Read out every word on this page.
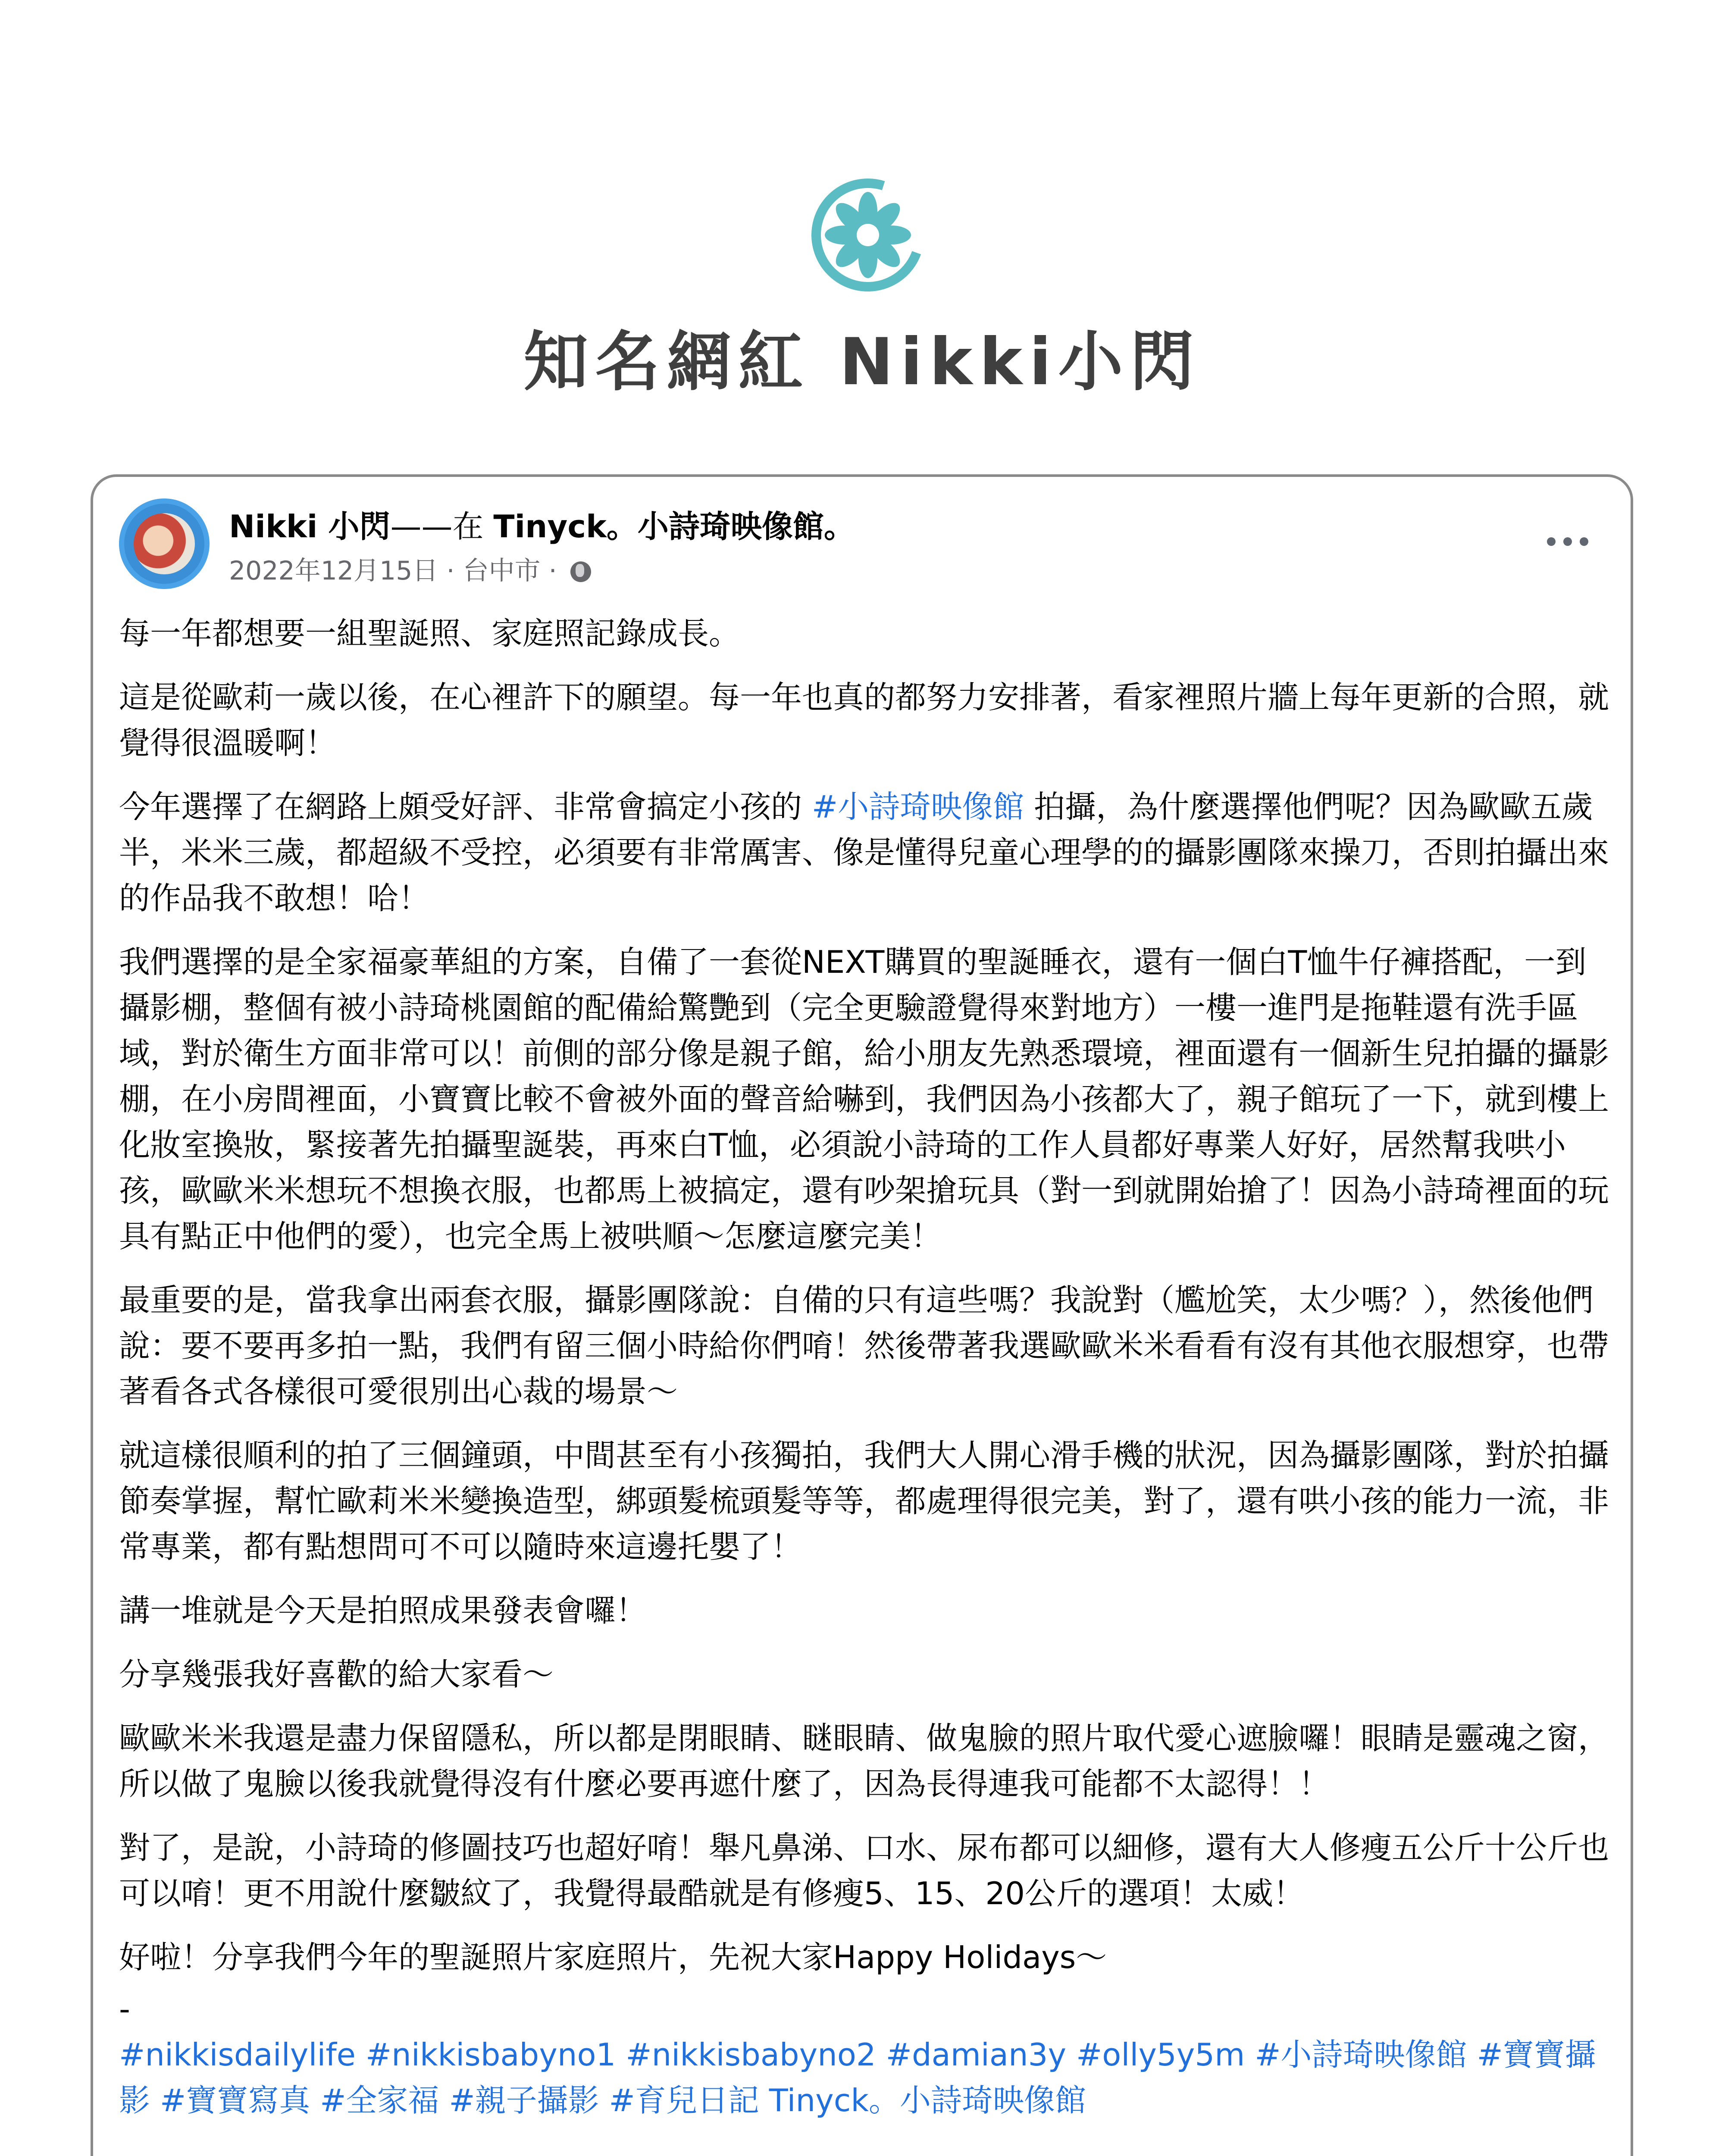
知名網紅 Nikki小閃
Nikki 小閃——在 Tinyck。小詩琦映像館。
2022年12月15日 · 台中市 ·

每一年都想要一組聖誕照、家庭照記錄成長。

這是從歐莉一歲以後，在心裡許下的願望。每一年也真的都努力安排著，看家裡照片牆上每年更新的合照，就覺得很溫暖啊！

今年選擇了在網路上頗受好評、非常會搞定小孩的 #小詩琦映像館 拍攝，為什麼選擇他們呢？因為歐歐五歲半，米米三歲，都超級不受控，必須要有非常厲害、像是懂得兒童心理學的的攝影團隊來操刀，否則拍攝出來的作品我不敢想！哈！

我們選擇的是全家福豪華組的方案，自備了一套從NEXT購買的聖誕睡衣，還有一個白T恤牛仔褲搭配，一到攝影棚，整個有被小詩琦桃園館的配備給驚艷到（完全更驗證覺得來對地方）一樓一進門是拖鞋還有洗手區域，對於衛生方面非常可以！前側的部分像是親子館，給小朋友先熟悉環境，裡面還有一個新生兒拍攝的攝影棚，在小房間裡面，小寶寶比較不會被外面的聲音給嚇到，我們因為小孩都大了，親子館玩了一下，就到樓上化妝室換妝，緊接著先拍攝聖誕裝，再來白T恤，必須說小詩琦的工作人員都好專業人好好，居然幫我哄小孩，歐歐米米想玩不想換衣服，也都馬上被搞定，還有吵架搶玩具（對一到就開始搶了！因為小詩琦裡面的玩具有點正中他們的愛），也完全馬上被哄順～怎麼這麼完美！

最重要的是，當我拿出兩套衣服，攝影團隊說：自備的只有這些嗎？我說對（尷尬笑，太少嗎？），然後他們說：要不要再多拍一點，我們有留三個小時給你們唷！然後帶著我選歐歐米米看看有沒有其他衣服想穿，也帶著看各式各樣很可愛很別出心裁的場景～

就這樣很順利的拍了三個鐘頭，中間甚至有小孩獨拍，我們大人開心滑手機的狀況，因為攝影團隊，對於拍攝節奏掌握，幫忙歐莉米米變換造型，綁頭髮梳頭髮等等，都處理得很完美，對了，還有哄小孩的能力一流，非常專業，都有點想問可不可以隨時來這邊托嬰了！

講一堆就是今天是拍照成果發表會囉！

分享幾張我好喜歡的給大家看～

歐歐米米我還是盡力保留隱私，所以都是閉眼睛、瞇眼睛、做鬼臉的照片取代愛心遮臉囉！眼睛是靈魂之窗，所以做了鬼臉以後我就覺得沒有什麼必要再遮什麼了，因為長得連我可能都不太認得！！

對了，是說，小詩琦的修圖技巧也超好唷！舉凡鼻涕、口水、尿布都可以細修，還有大人修瘦五公斤十公斤也可以唷！更不用說什麼皺紋了，我覺得最酷就是有修瘦5、15、20公斤的選項！太威！

好啦！分享我們今年的聖誕照片家庭照片，先祝大家Happy Holidays～

-
#nikkisdailylife #nikkisbabyno1 #nikkisbabyno2 #damian3y #olly5y5m #小詩琦映像館 #寶寶攝影 #寶寶寫真 #全家福 #親子攝影 #育兒日記 Tinyck。小詩琦映像館
